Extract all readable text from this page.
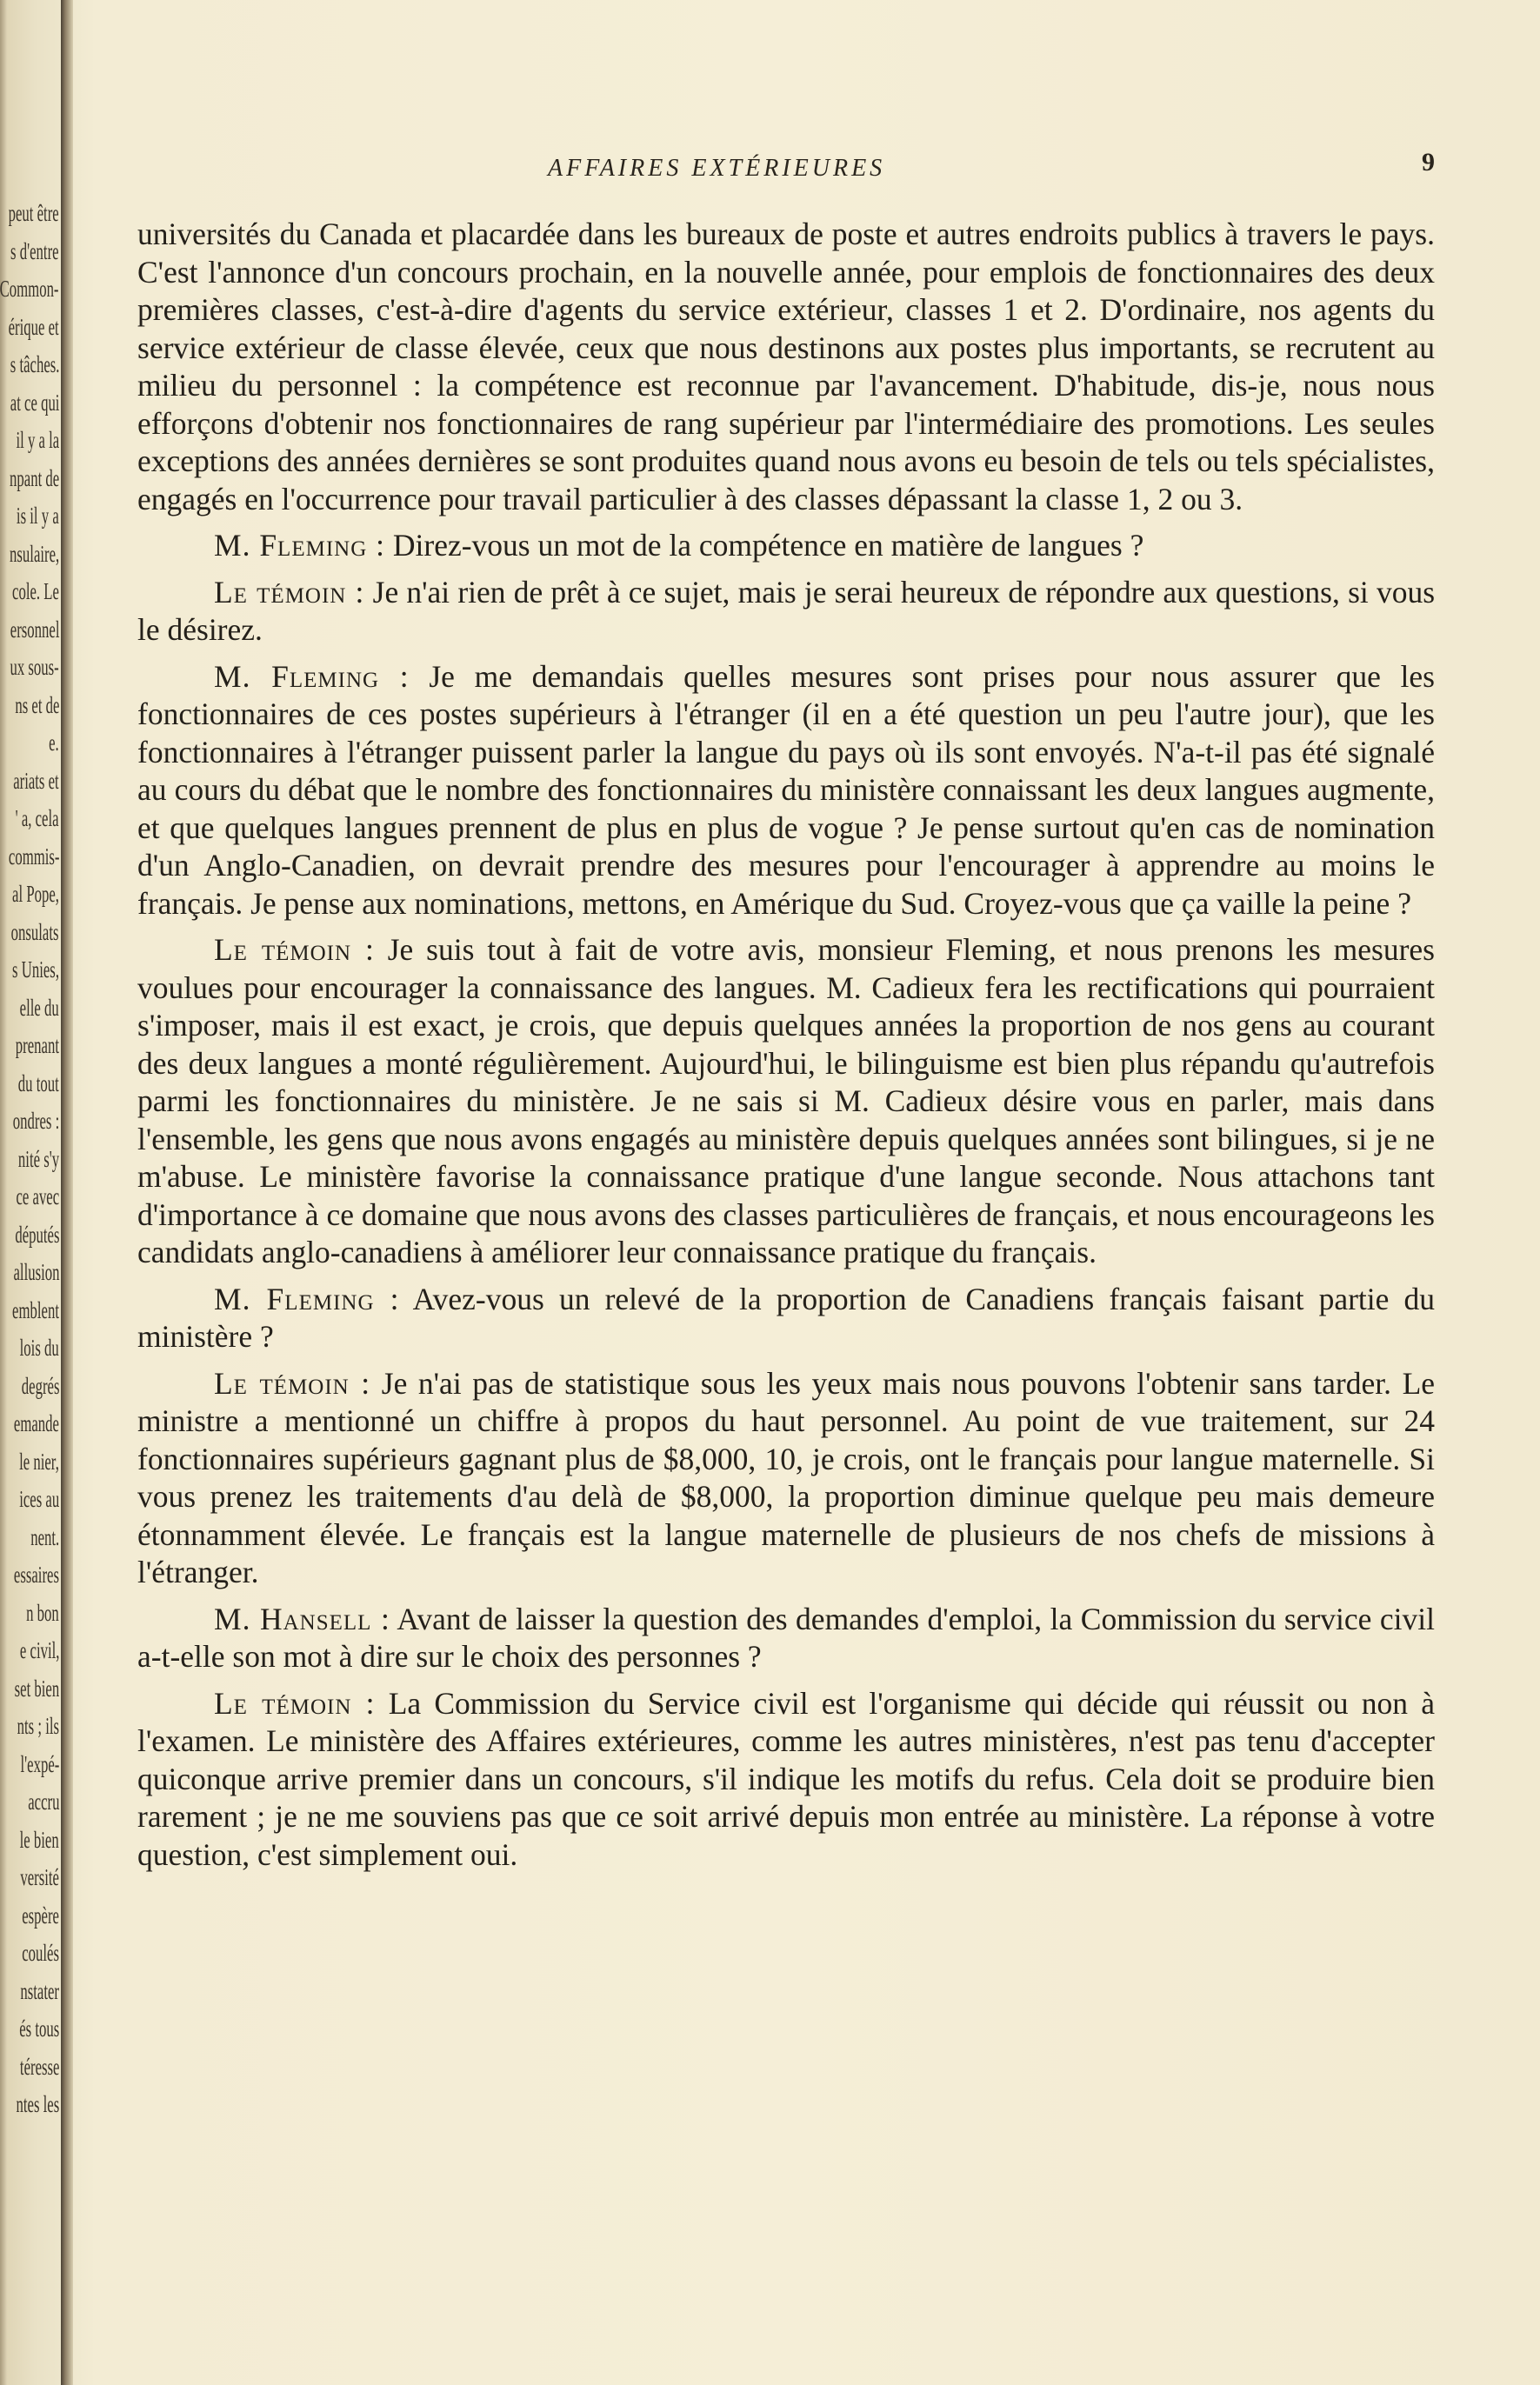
peut être
s d'entre
Common-
érique et
s tâches.
at ce qui
il y a la
npant de
is il y a
nsulaire,
cole. Le
ersonnel
ux sous-
ns et de
e.
ariats et
' a, cela
commis-
al Pope,
onsulats
s Unies,
elle du
prenant
du tout
ondres :
nité s'y
ce avec
députés
allusion
emblent
lois du
degrés
emande
le nier,
ices au
nent.
essaires
n bon
e civil,
set bien
nts ; ils
l'expé-
accru
le bien
versité
espère
coulés
nstater
és tous
téresse
ntes les
AFFAIRES EXTÉRIEURES	9

universités du Canada et placardée dans les bureaux de poste et autres endroits publics à travers le pays. C'est l'annonce d'un concours prochain, en la nouvelle année, pour emplois de fonctionnaires des deux premières classes, c'est-à-dire d'agents du service extérieur, classes 1 et 2. D'ordinaire, nos agents du service extérieur de classe élevée, ceux que nous destinons aux postes plus importants, se recrutent au milieu du personnel : la compétence est reconnue par l'avancement. D'habitude, dis-je, nous nous efforçons d'obtenir nos fonctionnaires de rang supérieur par l'intermédiaire des promotions. Les seules exceptions des années dernières se sont produites quand nous avons eu besoin de tels ou tels spécialistes, engagés en l'occurrence pour travail particulier à des classes dépassant la classe 1, 2 ou 3.

M. Fleming : Direz-vous un mot de la compétence en matière de langues ?

Le témoin : Je n'ai rien de prêt à ce sujet, mais je serai heureux de répondre aux questions, si vous le désirez.

M. Fleming : Je me demandais quelles mesures sont prises pour nous assurer que les fonctionnaires de ces postes supérieurs à l'étranger (il en a été question un peu l'autre jour), que les fonctionnaires à l'étranger puissent parler la langue du pays où ils sont envoyés. N'a-t-il pas été signalé au cours du débat que le nombre des fonctionnaires du ministère connaissant les deux langues augmente, et que quelques langues prennent de plus en plus de vogue ? Je pense surtout qu'en cas de nomination d'un Anglo-Canadien, on devrait prendre des mesures pour l'encourager à apprendre au moins le français. Je pense aux nominations, mettons, en Amérique du Sud. Croyez-vous que ça vaille la peine ?

Le témoin : Je suis tout à fait de votre avis, monsieur Fleming, et nous prenons les mesures voulues pour encourager la connaissance des langues. M. Cadieux fera les rectifications qui pourraient s'imposer, mais il est exact, je crois, que depuis quelques années la proportion de nos gens au courant des deux langues a monté régulièrement. Aujourd'hui, le bilinguisme est bien plus répandu qu'autrefois parmi les fonctionnaires du ministère. Je ne sais si M. Cadieux désire vous en parler, mais dans l'ensemble, les gens que nous avons engagés au ministère depuis quelques années sont bilingues, si je ne m'abuse. Le ministère favorise la connaissance pratique d'une langue seconde. Nous attachons tant d'importance à ce domaine que nous avons des classes particulières de français, et nous encourageons les candidats anglo-canadiens à améliorer leur connaissance pratique du français.

M. Fleming : Avez-vous un relevé de la proportion de Canadiens français faisant partie du ministère ?

Le témoin : Je n'ai pas de statistique sous les yeux mais nous pouvons l'obtenir sans tarder. Le ministre a mentionné un chiffre à propos du haut personnel. Au point de vue traitement, sur 24 fonctionnaires supérieurs gagnant plus de $8,000, 10, je crois, ont le français pour langue maternelle. Si vous prenez les traitements d'au delà de $8,000, la proportion diminue quelque peu mais demeure étonnamment élevée. Le français est la langue maternelle de plusieurs de nos chefs de missions à l'étranger.

M. Hansell : Avant de laisser la question des demandes d'emploi, la Commission du service civil a-t-elle son mot à dire sur le choix des personnes ?

Le témoin : La Commission du Service civil est l'organisme qui décide qui réussit ou non à l'examen. Le ministère des Affaires extérieures, comme les autres ministères, n'est pas tenu d'accepter quiconque arrive premier dans un concours, s'il indique les motifs du refus. Cela doit se produire bien rarement ; je ne me souviens pas que ce soit arrivé depuis mon entrée au ministère. La réponse à votre question, c'est simplement oui.
